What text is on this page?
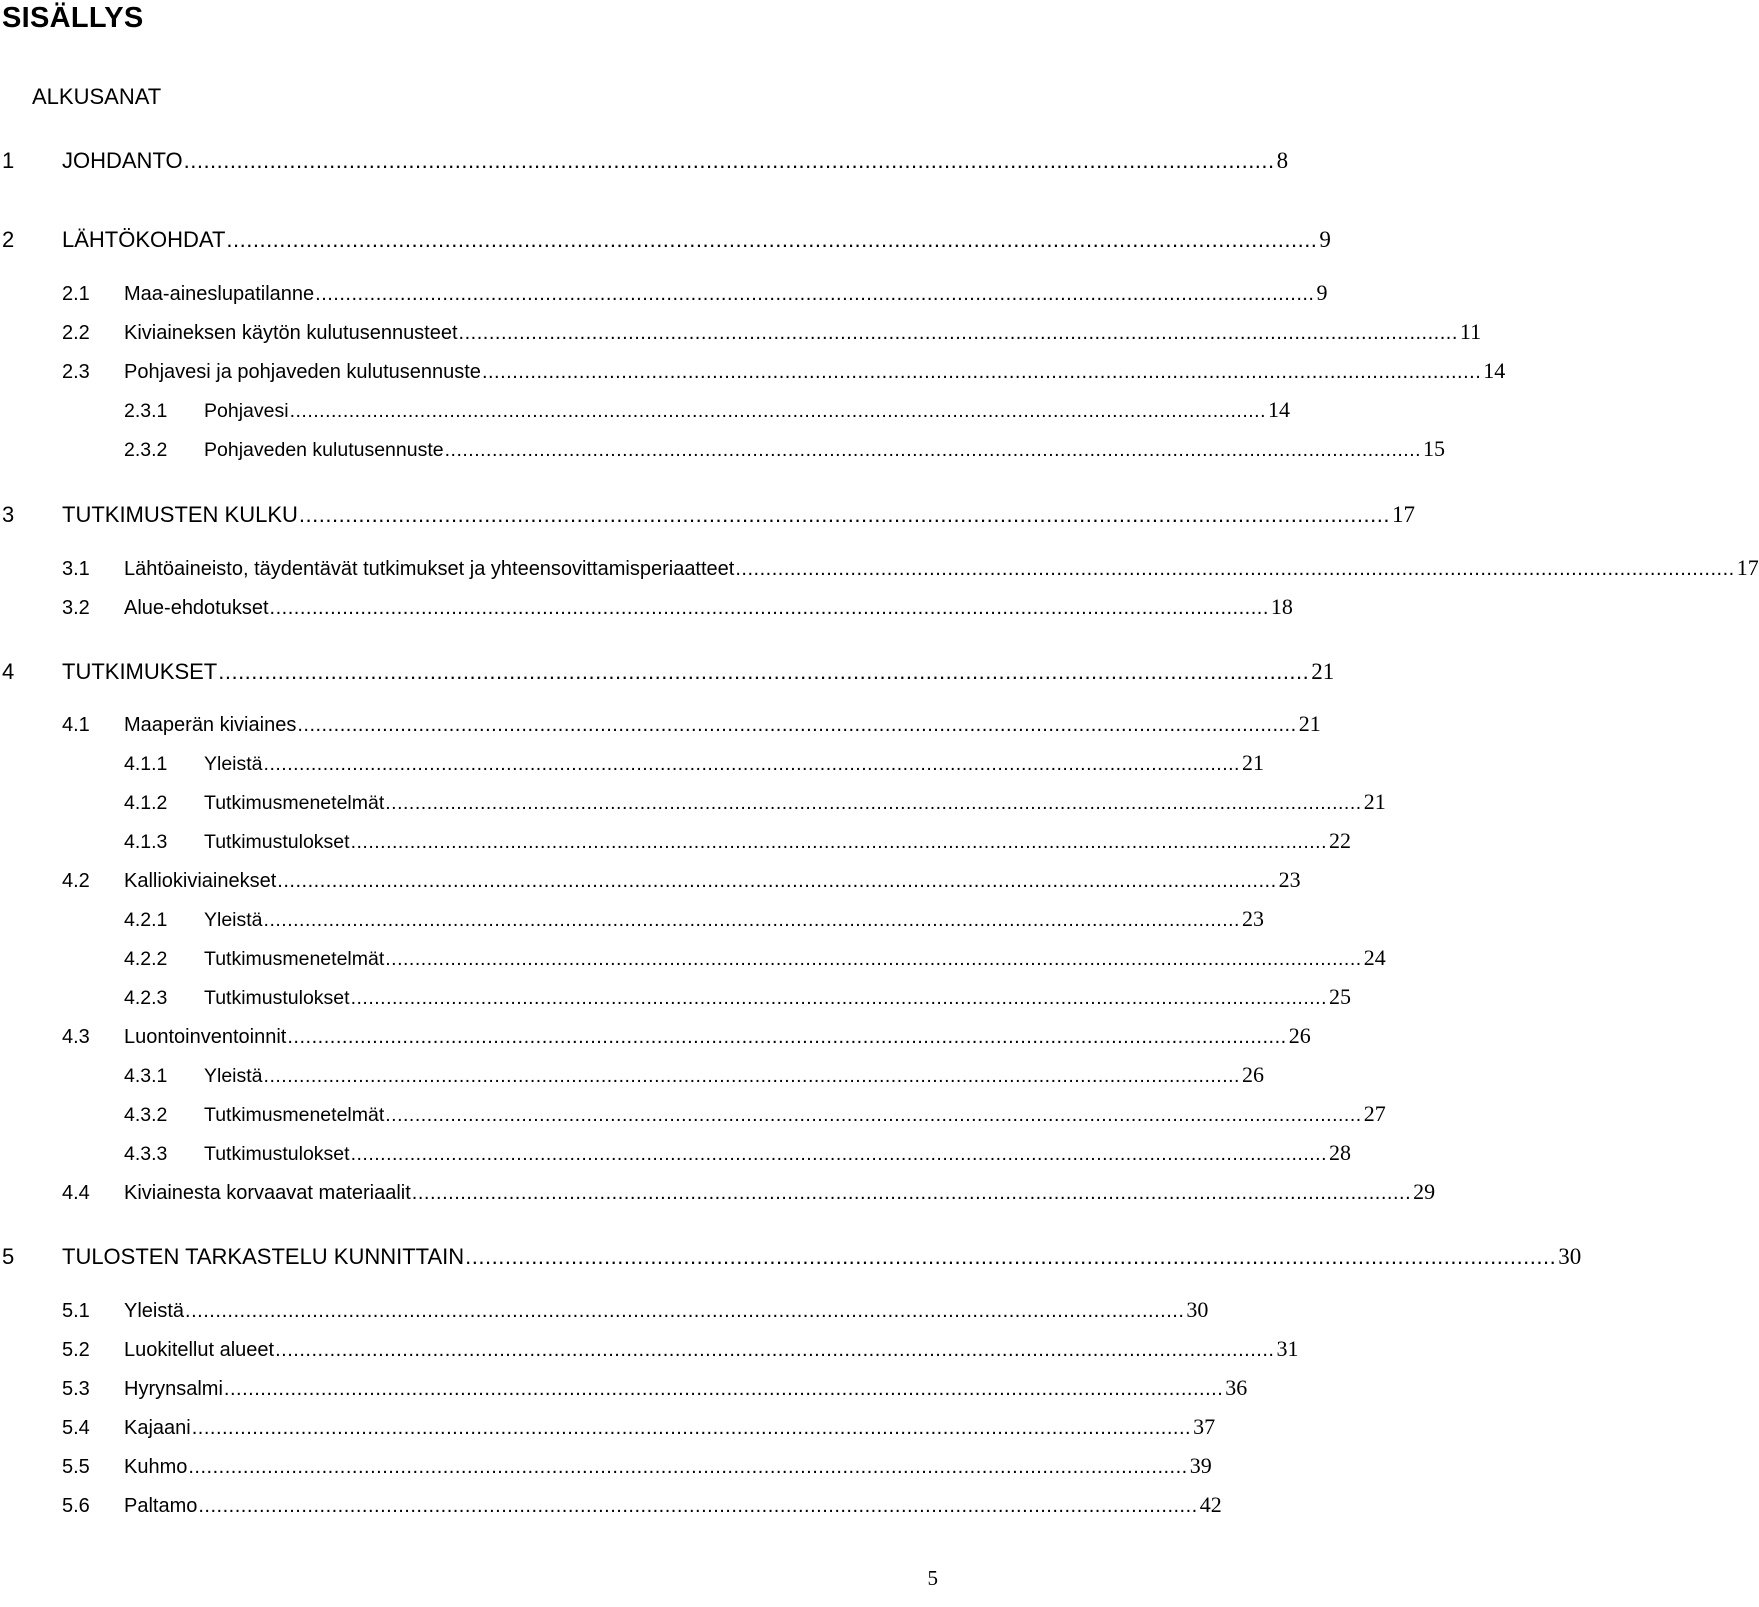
SISÄLLYS
ALKUSANAT
1	JOHDANTO ..................................................................................................................................................................... 8
2	LÄHTÖKOHDAT ..................................................................................................................................................................... 9
2.1	Maa-aineslupatilanne ..................................................................................................................................................................... 9
2.2	Kiviaineksen käytön kulutusennusteet ..................................................................................................................................................................... 11
2.3	Pohjavesi ja pohjaveden kulutusennuste ..................................................................................................................................................................... 14
2.3.1	Pohjavesi ..................................................................................................................................................................... 14
2.3.2	Pohjaveden kulutusennuste ..................................................................................................................................................................... 15
3	TUTKIMUSTEN KULKU ..................................................................................................................................................................... 17
3.1	Lähtöaineisto, täydentävät tutkimukset ja yhteensovittamisperiaatteet ..................................................................................................................................................................... 17
3.2	Alue-ehdotukset ..................................................................................................................................................................... 18
4	TUTKIMUKSET ..................................................................................................................................................................... 21
4.1	Maaperän kiviaines ..................................................................................................................................................................... 21
4.1.1	Yleistä ..................................................................................................................................................................... 21
4.1.2	Tutkimusmenetelmät ..................................................................................................................................................................... 21
4.1.3	Tutkimustulokset ..................................................................................................................................................................... 22
4.2	Kalliokiviainekset ..................................................................................................................................................................... 23
4.2.1	Yleistä ..................................................................................................................................................................... 23
4.2.2	Tutkimusmenetelmät ..................................................................................................................................................................... 24
4.2.3	Tutkimustulokset ..................................................................................................................................................................... 25
4.3	Luontoinventoinnit ..................................................................................................................................................................... 26
4.3.1	Yleistä ..................................................................................................................................................................... 26
4.3.2	Tutkimusmenetelmät ..................................................................................................................................................................... 27
4.3.3	Tutkimustulokset ..................................................................................................................................................................... 28
4.4	Kiviainesta korvaavat materiaalit ..................................................................................................................................................................... 29
5	TULOSTEN TARKASTELU KUNNITTAIN ..................................................................................................................................................................... 30
5.1	Yleistä ..................................................................................................................................................................... 30
5.2	Luokitellut alueet ..................................................................................................................................................................... 31
5.3	Hyrynsalmi ..................................................................................................................................................................... 36
5.4	Kajaani ..................................................................................................................................................................... 37
5.5	Kuhmo ..................................................................................................................................................................... 39
5.6	Paltamo ..................................................................................................................................................................... 42
5
